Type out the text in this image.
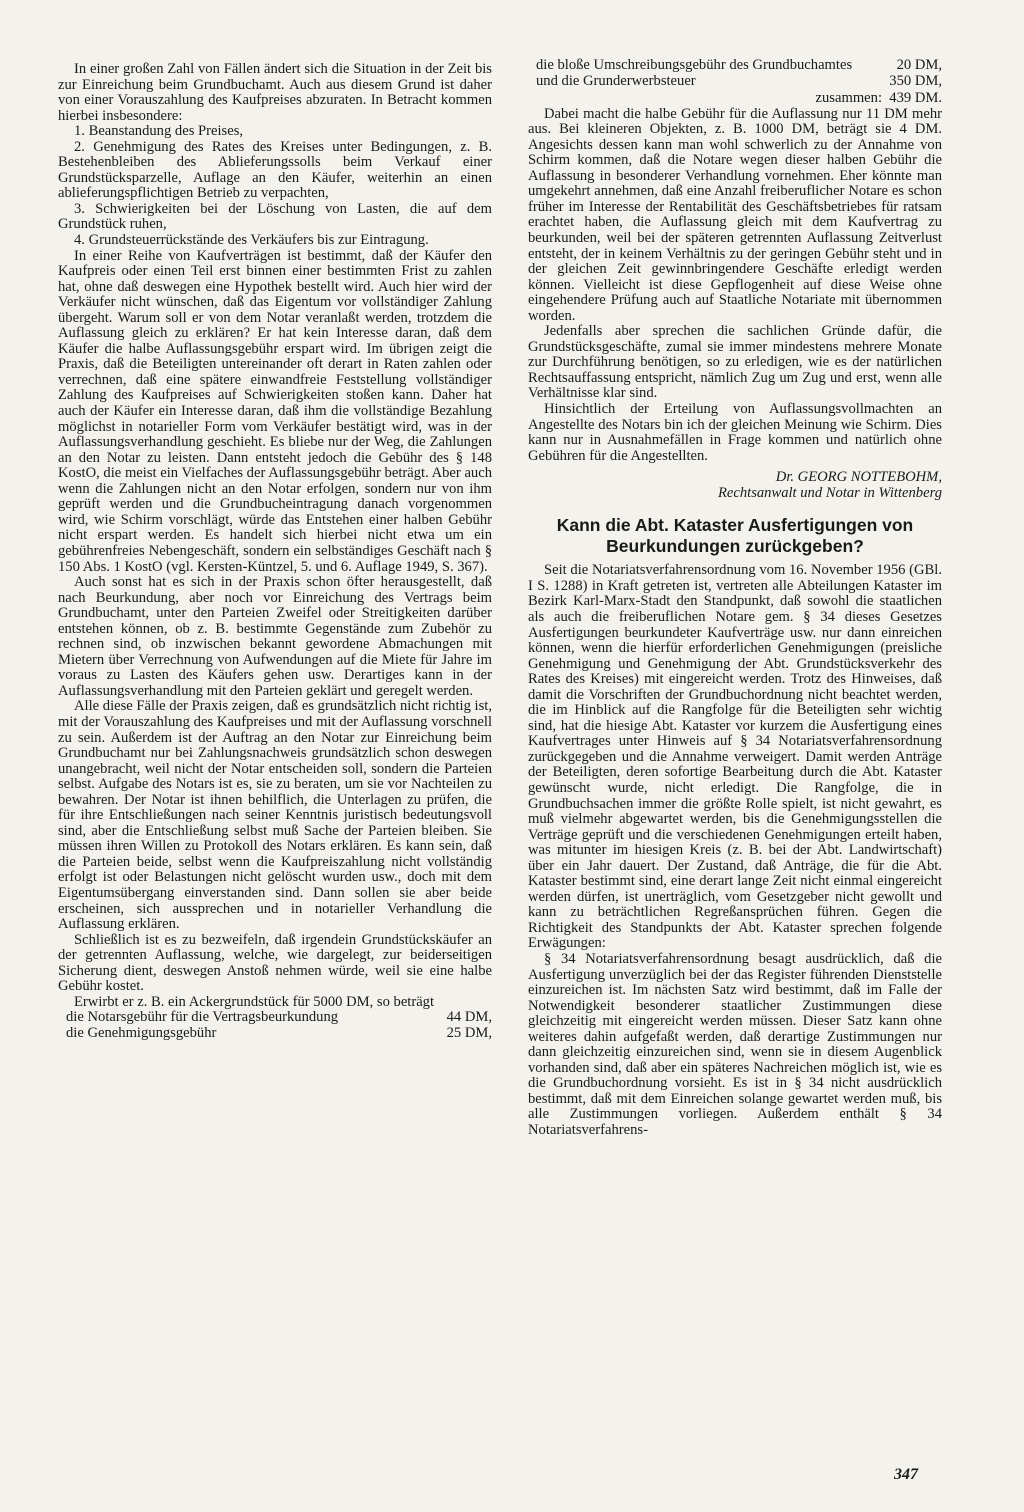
In einer großen Zahl von Fällen ändert sich die Situation in der Zeit bis zur Einreichung beim Grundbuchamt. Auch aus diesem Grund ist daher von einer Vorauszahlung des Kaufpreises abzuraten. In Betracht kommen hierbei insbesondere:

1. Beanstandung des Preises,

2. Genehmigung des Rates des Kreises unter Bedingungen, z. B. Bestehenbleiben des Ablieferungssolls beim Verkauf einer Grundstücksparzelle, Auflage an den Käufer, weiterhin an einen ablieferungspflichtigen Betrieb zu verpachten,

3. Schwierigkeiten bei der Löschung von Lasten, die auf dem Grundstück ruhen,

4. Grundsteuerrückstände des Verkäufers bis zur Eintragung.

In einer Reihe von Kaufverträgen ist bestimmt, daß der Käufer den Kaufpreis oder einen Teil erst binnen einer bestimmten Frist zu zahlen hat, ohne daß deswegen eine Hypothek bestellt wird. Auch hier wird der Verkäufer nicht wünschen, daß das Eigentum vor vollständiger Zahlung übergeht. Warum soll er von dem Notar veranlaßt werden, trotzdem die Auflassung gleich zu erklären? Er hat kein Interesse daran, daß dem Käufer die halbe Auflassungsgebühr erspart wird. Im übrigen zeigt die Praxis, daß die Beteiligten untereinander oft derart in Raten zahlen oder verrechnen, daß eine spätere einwandfreie Feststellung vollständiger Zahlung des Kaufpreises auf Schwierigkeiten stoßen kann. Daher hat auch der Käufer ein Interesse daran, daß ihm die vollständige Bezahlung möglichst in notarieller Form vom Verkäufer bestätigt wird, was in der Auflassungsverhandlung geschieht. Es bliebe nur der Weg, die Zahlungen an den Notar zu leisten. Dann entsteht jedoch die Gebühr des § 148 KostO, die meist ein Vielfaches der Auflassungsgebühr beträgt. Aber auch wenn die Zahlungen nicht an den Notar erfolgen, sondern nur von ihm geprüft werden und die Grundbucheintragung danach vorgenommen wird, wie Schirm vorschlägt, würde das Entstehen einer halben Gebühr nicht erspart werden. Es handelt sich hierbei nicht etwa um ein gebührenfreies Nebengeschäft, sondern ein selbständiges Geschäft nach § 150 Abs. 1 KostO (vgl. Kersten-Küntzel, 5. und 6. Auflage 1949, S. 367).

Auch sonst hat es sich in der Praxis schon öfter herausgestellt, daß nach Beurkundung, aber noch vor Einreichung des Vertrags beim Grundbuchamt, unter den Parteien Zweifel oder Streitigkeiten darüber entstehen können, ob z. B. bestimmte Gegenstände zum Zubehör zu rechnen sind, ob inzwischen bekannt gewordene Abmachungen mit Mietern über Verrechnung von Aufwendungen auf die Miete für Jahre im voraus zu Lasten des Käufers gehen usw. Derartiges kann in der Auflassungsverhandlung mit den Parteien geklärt und geregelt werden.

Alle diese Fälle der Praxis zeigen, daß es grundsätzlich nicht richtig ist, mit der Vorauszahlung des Kaufpreises und mit der Auflassung vorschnell zu sein. Außerdem ist der Auftrag an den Notar zur Einreichung beim Grundbuchamt nur bei Zahlungsnachweis grundsätzlich schon deswegen unangebracht, weil nicht der Notar entscheiden soll, sondern die Parteien selbst. Aufgabe des Notars ist es, sie zu beraten, um sie vor Nachteilen zu bewahren. Der Notar ist ihnen behilflich, die Unterlagen zu prüfen, die für ihre Entschließungen nach seiner Kenntnis juristisch bedeutungsvoll sind, aber die Entschließung selbst muß Sache der Parteien bleiben. Sie müssen ihren Willen zu Protokoll des Notars erklären. Es kann sein, daß die Parteien beide, selbst wenn die Kaufpreiszahlung nicht vollständig erfolgt ist oder Belastungen nicht gelöscht wurden usw., doch mit dem Eigentumsübergang einverstanden sind. Dann sollen sie aber beide erscheinen, sich aussprechen und in notarieller Verhandlung die Auflassung erklären.

Schließlich ist es zu bezweifeln, daß irgendein Grundstückskäufer an der getrennten Auflassung, welche, wie dargelegt, zur beiderseitigen Sicherung dient, deswegen Anstoß nehmen würde, weil sie eine halbe Gebühr kostet.

Erwirbt er z. B. ein Ackergrundstück für 5000 DM, so beträgt

die Notarsgebühr für die Vertragsbeurkundung	44 DM,
die Genehmigungsgebühr	25 DM,
die bloße Umschreibungsgebühr des Grundbuchamtes	20 DM,
und die Grunderwerbsteuer	350 DM,
zusammen:	439 DM.

Dabei macht die halbe Gebühr für die Auflassung nur 11 DM mehr aus. Bei kleineren Objekten, z. B. 1000 DM, beträgt sie 4 DM. Angesichts dessen kann man wohl schwerlich zu der Annahme von Schirm kommen, daß die Notare wegen dieser halben Gebühr die Auflassung in besonderer Verhandlung vornehmen. Eher könnte man umgekehrt annehmen, daß eine Anzahl freiberuflicher Notare es schon früher im Interesse der Rentabilität des Geschäftsbetriebes für ratsam erachtet haben, die Auflassung gleich mit dem Kaufvertrag zu beurkunden, weil bei der späteren getrennten Auflassung Zeitverlust entsteht, der in keinem Verhältnis zu der geringen Gebühr steht und in der gleichen Zeit gewinnbringendere Geschäfte erledigt werden können. Vielleicht ist diese Gepflogenheit auf diese Weise ohne eingehendere Prüfung auch auf Staatliche Notariate mit übernommen worden.

Jedenfalls aber sprechen die sachlichen Gründe dafür, die Grundstücksgeschäfte, zumal sie immer mindestens mehrere Monate zur Durchführung benötigen, so zu erledigen, wie es der natürlichen Rechtsauffassung entspricht, nämlich Zug um Zug und erst, wenn alle Verhältnisse klar sind.

Hinsichtlich der Erteilung von Auflassungsvollmachten an Angestellte des Notars bin ich der gleichen Meinung wie Schirm. Dies kann nur in Ausnahmefällen in Frage kommen und natürlich ohne Gebühren für die Angestellten.

Dr. GEORG NOTTEBOHM,
Rechtsanwalt und Notar in Wittenberg
Kann die Abt. Kataster Ausfertigungen von Beurkundungen zurückgeben?

Seit die Notariatsverfahrensordnung vom 16. November 1956 (GBl. I S. 1288) in Kraft getreten ist, vertreten alle Abteilungen Kataster im Bezirk Karl-Marx-Stadt den Standpunkt, daß sowohl die staatlichen als auch die freiberuflichen Notare gem. § 34 dieses Gesetzes Ausfertigungen beurkundeter Kaufverträge usw. nur dann einreichen können, wenn die hierfür erforderlichen Genehmigungen (preisliche Genehmigung und Genehmigung der Abt. Grundstücksverkehr des Rates des Kreises) mit eingereicht werden. Trotz des Hinweises, daß damit die Vorschriften der Grundbuchordnung nicht beachtet werden, die im Hinblick auf die Rangfolge für die Beteiligten sehr wichtig sind, hat die hiesige Abt. Kataster vor kurzem die Ausfertigung eines Kaufvertrages unter Hinweis auf § 34 Notariatsverfahrensordnung zurückgegeben und die Annahme verweigert. Damit werden Anträge der Beteiligten, deren sofortige Bearbeitung durch die Abt. Kataster gewünscht wurde, nicht erledigt. Die Rangfolge, die in Grundbuchsachen immer die größte Rolle spielt, ist nicht gewahrt, es muß vielmehr abgewartet werden, bis die Genehmigungsstellen die Verträge geprüft und die verschiedenen Genehmigungen erteilt haben, was mitunter im hiesigen Kreis (z. B. bei der Abt. Landwirtschaft) über ein Jahr dauert. Der Zustand, daß Anträge, die für die Abt. Kataster bestimmt sind, eine derart lange Zeit nicht einmal eingereicht werden dürfen, ist unerträglich, vom Gesetzgeber nicht gewollt und kann zu beträchtlichen Regreßansprüchen führen. Gegen die Richtigkeit des Standpunkts der Abt. Kataster sprechen folgende Erwägungen:

§ 34 Notariatsverfahrensordnung besagt ausdrücklich, daß die Ausfertigung unverzüglich bei der das Register führenden Dienststelle einzureichen ist. Im nächsten Satz wird bestimmt, daß im Falle der Notwendigkeit besonderer staatlicher Zustimmungen diese gleichzeitig mit eingereicht werden müssen. Dieser Satz kann ohne weiteres dahin aufgefaßt werden, daß derartige Zustimmungen nur dann gleichzeitig einzureichen sind, wenn sie in diesem Augenblick vorhanden sind, daß aber ein späteres Nachreichen möglich ist, wie es die Grundbuchordnung vorsieht. Es ist in § 34 nicht ausdrücklich bestimmt, daß mit dem Einreichen solange gewartet werden muß, bis alle Zustimmungen vorliegen. Außerdem enthält § 34 Notariatsverfahrens-

347
